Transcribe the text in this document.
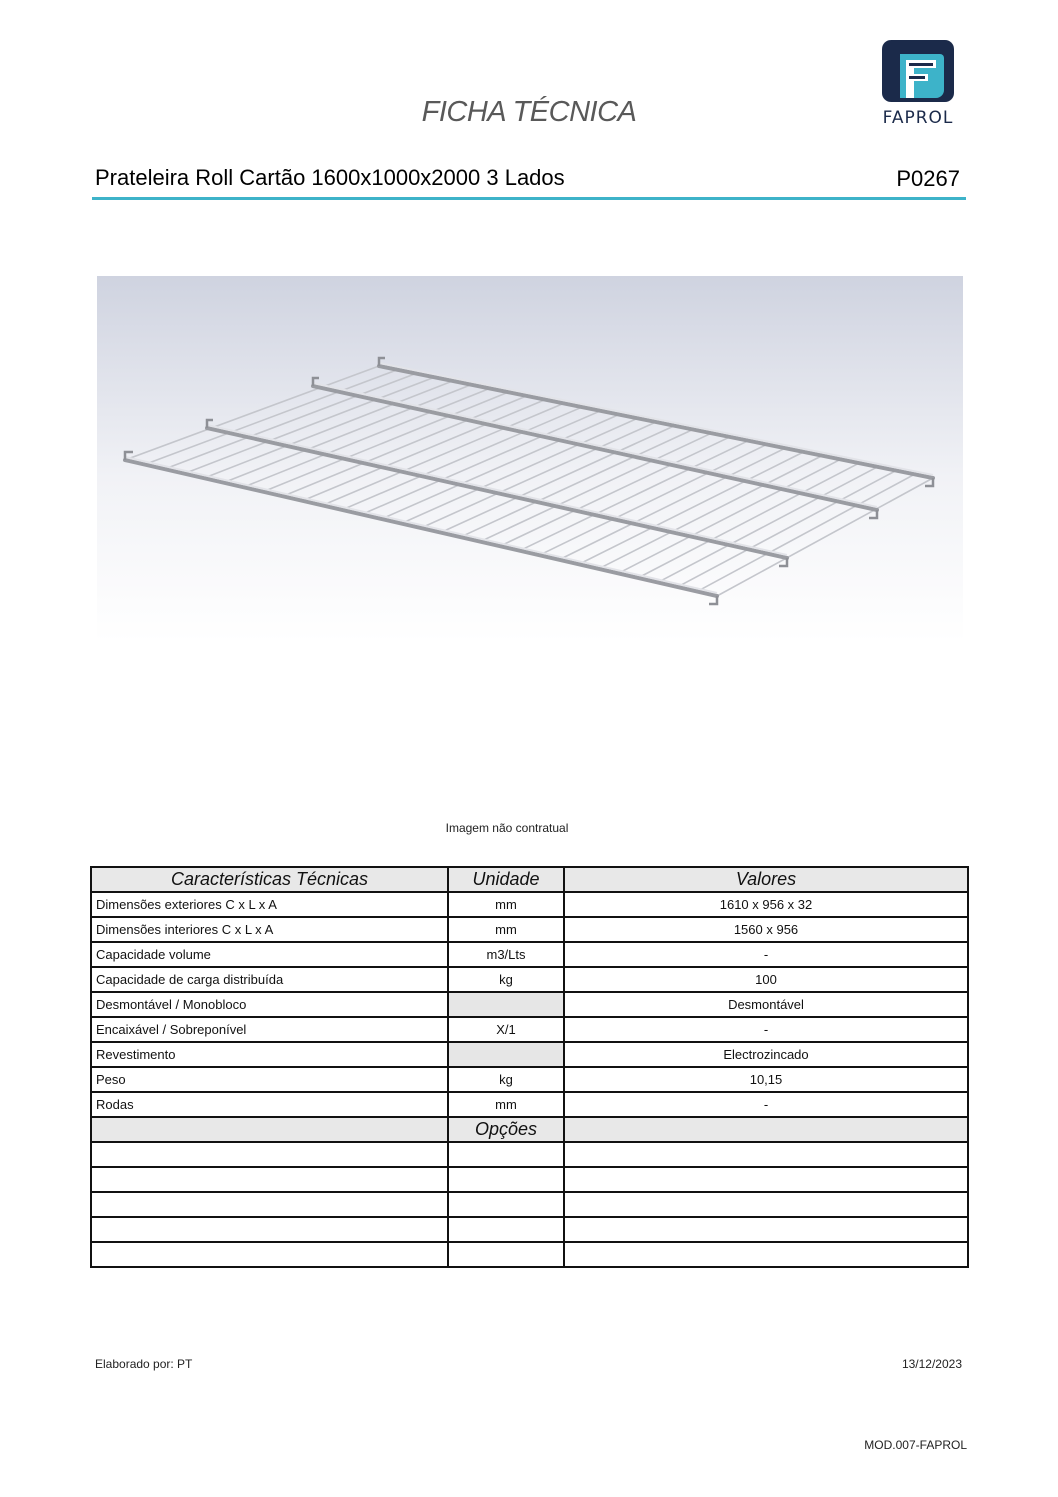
FAPROL
FICHA TÉCNICA
Prateleira Roll Cartão 1600x1000x2000 3 Lados	P0267
Imagem não contratual
Características Técnicas	Unidade	Valores
Dimensões exteriores C x L x A	mm	1610 x 956 x 32
Dimensões interiores C x L x A	mm	1560 x 956
Capacidade volume	m3/Lts	-
Capacidade de carga distribuída	kg	100
Desmontável / Monobloco		Desmontável
Encaixável / Sobreponível	X/1	-
Revestimento		Electrozincado
Peso	kg	10,15
Rodas	mm	-
	Opções	

Elaborado por: PT	13/12/2023
MOD.007-FAPROL
